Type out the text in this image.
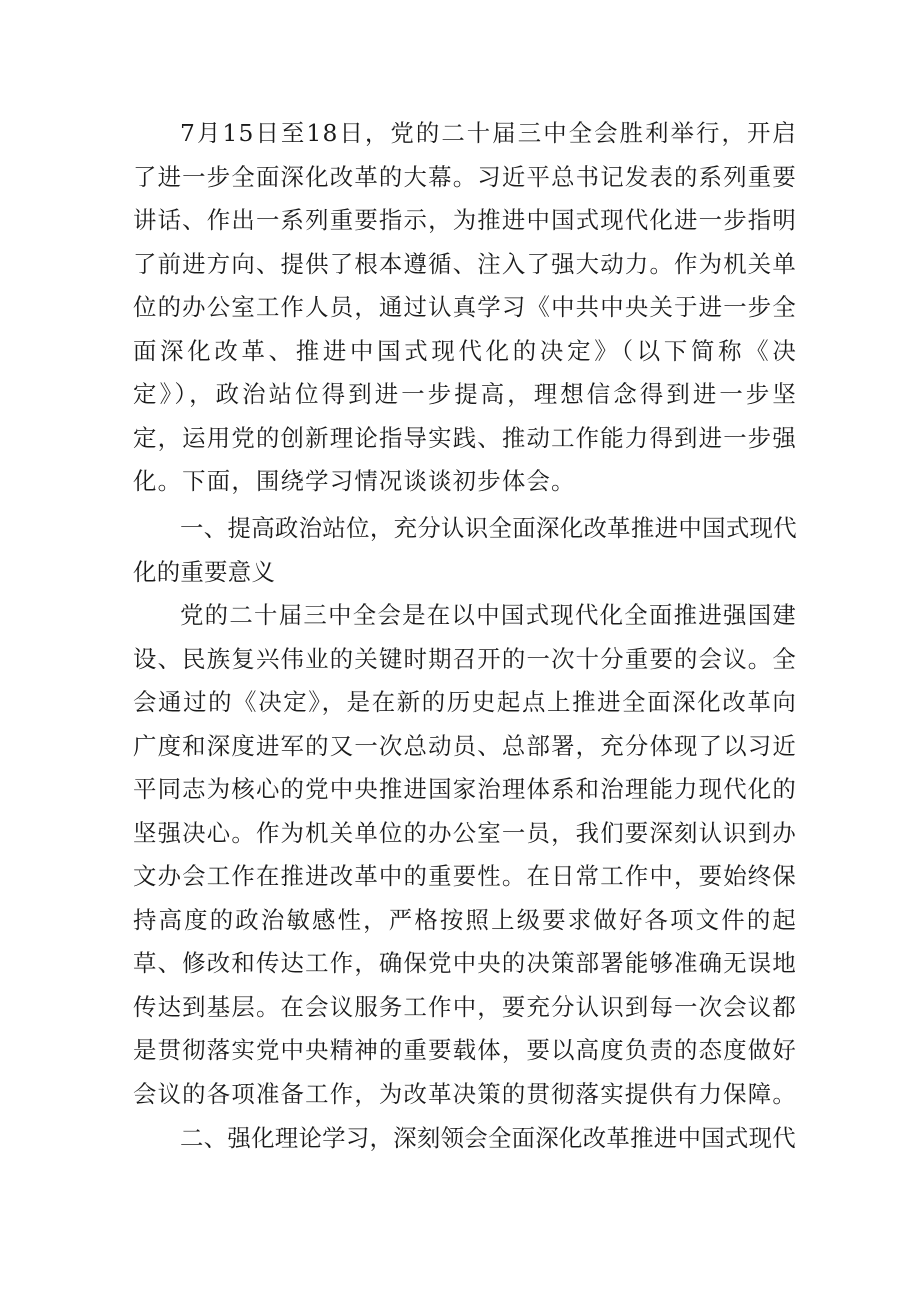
7月15日至18日，党的二十届三中全会胜利举行，开启了进一步全面深化改革的大幕。习近平总书记发表的系列重要讲话、作出一系列重要指示，为推进中国式现代化进一步指明了前进方向、提供了根本遵循、注入了强大动力。作为机关单位的办公室工作人员，通过认真学习《中共中央关于进一步全面深化改革、推进中国式现代化的决定》（以下简称《决定》），政治站位得到进一步提高，理想信念得到进一步坚定，运用党的创新理论指导实践、推动工作能力得到进一步强化。下面，围绕学习情况谈谈初步体会。

一、提高政治站位，充分认识全面深化改革推进中国式现代化的重要意义

党的二十届三中全会是在以中国式现代化全面推进强国建设、民族复兴伟业的关键时期召开的一次十分重要的会议。全会通过的《决定》，是在新的历史起点上推进全面深化改革向广度和深度进军的又一次总动员、总部署，充分体现了以习近平同志为核心的党中央推进国家治理体系和治理能力现代化的坚强决心。作为机关单位的办公室一员，我们要深刻认识到办文办会工作在推进改革中的重要性。在日常工作中，要始终保持高度的政治敏感性，严格按照上级要求做好各项文件的起草、修改和传达工作，确保党中央的决策部署能够准确无误地传达到基层。在会议服务工作中，要充分认识到每一次会议都是贯彻落实党中央精神的重要载体，要以高度负责的态度做好会议的各项准备工作，为改革决策的贯彻落实提供有力保障。

二、强化理论学习，深刻领会全面深化改革推进中国式现代
